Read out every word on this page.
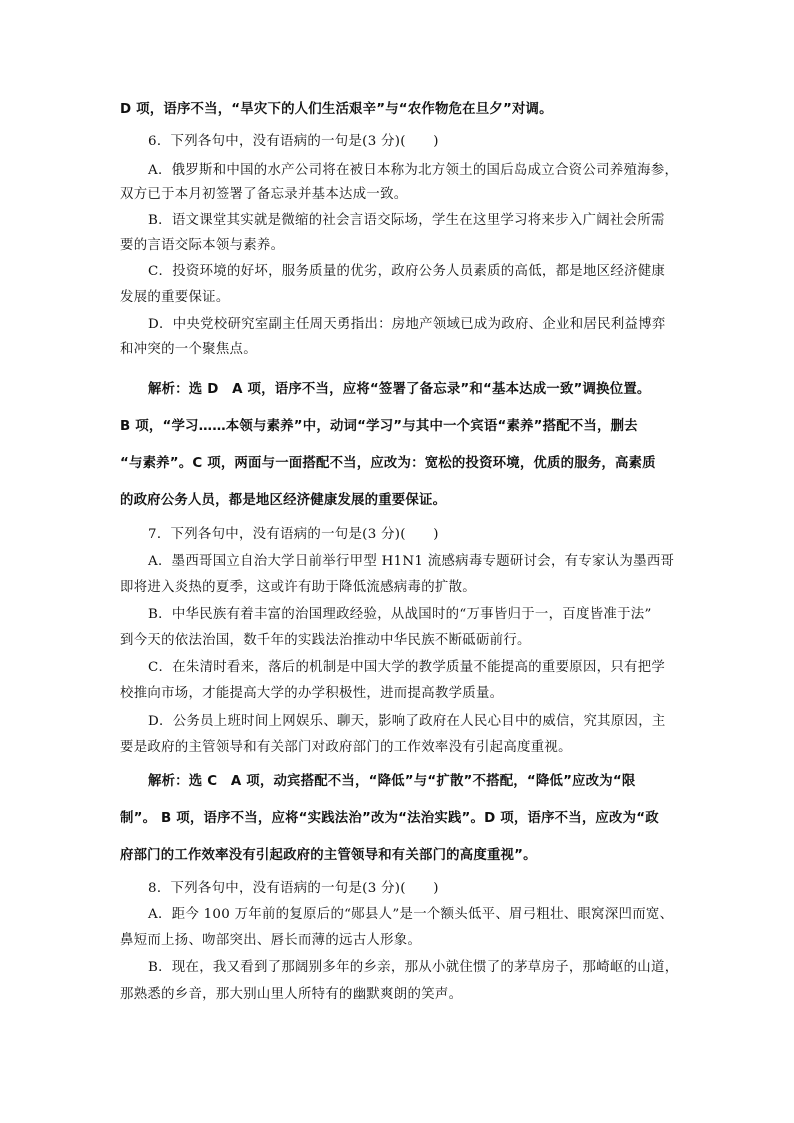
D 项，语序不当，“旱灾下的人们生活艰辛”与“农作物危在旦夕”对调。
6．下列各句中，没有语病的一句是(3 分)(　　)
A．俄罗斯和中国的水产公司将在被日本称为北方领土的国后岛成立合资公司养殖海参，
双方已于本月初签署了备忘录并基本达成一致。
B．语文课堂其实就是微缩的社会言语交际场，学生在这里学习将来步入广阔社会所需
要的言语交际本领与素养。
C．投资环境的好坏，服务质量的优劣，政府公务人员素质的高低，都是地区经济健康
发展的重要保证。
D．中央党校研究室副主任周天勇指出：房地产领域已成为政府、企业和居民利益博弈
和冲突的一个聚焦点。
解析：选 D　A 项，语序不当，应将“签署了备忘录”和“基本达成一致”调换位置。
B 项，“学习……本领与素养”中，动词“学习”与其中一个宾语“素养”搭配不当，删去
“与素养”。C 项，两面与一面搭配不当，应改为：宽松的投资环境，优质的服务，高素质
的政府公务人员，都是地区经济健康发展的重要保证。
7．下列各句中，没有语病的一句是(3 分)(　　)
A．墨西哥国立自治大学日前举行甲型 H1N1 流感病毒专题研讨会，有专家认为墨西哥
即将进入炎热的夏季，这或许有助于降低流感病毒的扩散。
B．中华民族有着丰富的治国理政经验，从战国时的“万事皆归于一，百度皆准于法”
到今天的依法治国，数千年的实践法治推动中华民族不断砥砺前行。
C．在朱清时看来，落后的机制是中国大学的教学质量不能提高的重要原因，只有把学
校推向市场，才能提高大学的办学积极性，进而提高教学质量。
D．公务员上班时间上网娱乐、聊天，影响了政府在人民心目中的威信，究其原因，主
要是政府的主管领导和有关部门对政府部门的工作效率没有引起高度重视。
解析：选 C　A 项，动宾搭配不当，“降低”与“扩散”不搭配，“降低”应改为“限
制”。 B 项，语序不当，应将“实践法治”改为“法治实践”。D 项，语序不当，应改为“政
府部门的工作效率没有引起政府的主管领导和有关部门的高度重视”。
8．下列各句中，没有语病的一句是(3 分)(　　)
A．距今 100 万年前的复原后的“郧县人”是一个额头低平、眉弓粗壮、眼窝深凹而宽、
鼻短而上扬、吻部突出、唇长而薄的远古人形象。
B．现在，我又看到了那阔别多年的乡亲，那从小就住惯了的茅草房子，那崎岖的山道，
那熟悉的乡音，那大别山里人所特有的幽默爽朗的笑声。
